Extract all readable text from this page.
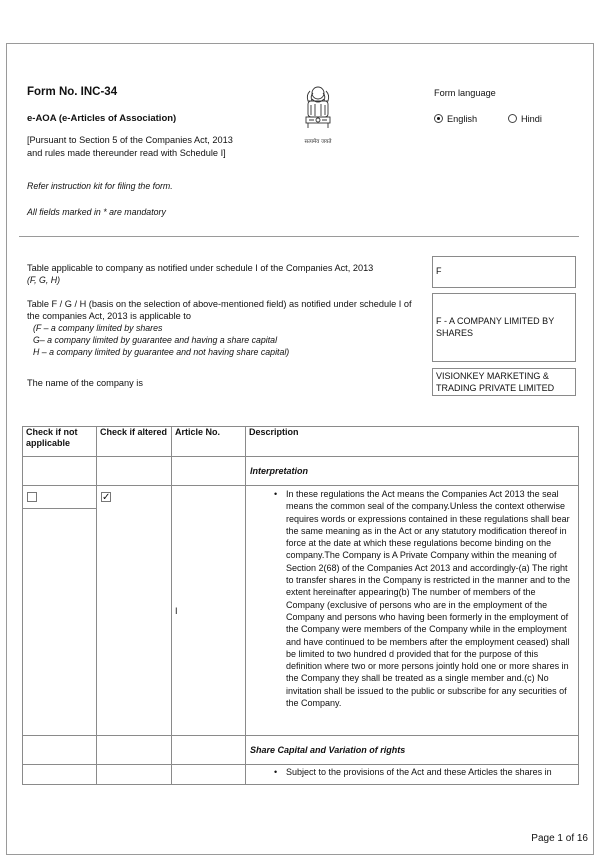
Form No. INC-34
e-AOA (e-Articles of Association)
[Pursuant to Section 5 of the Companies Act, 2013
and rules made thereunder read with Schedule I]
सत्यमेव जयते
Form language
English	Hindi
Refer instruction kit for filing the form.
All fields marked in * are mandatory
Table applicable to company as notified under schedule I of the Companies Act, 2013
(F, G, H)
F
Table F / G / H (basis on the selection of above-mentioned field) as notified under schedule I of
the companies Act, 2013 is applicable to
(F – a company limited by shares
G– a company limited by guarantee and having a share capital
H – a company limited by guarantee and not having share capital)
F - A COMPANY LIMITED BY SHARES
The name of the company is
VISIONKEY MARKETING & TRADING PRIVATE LIMITED
Check if not applicable	Check if altered	Article No.	Description
			Interpretation

	✓	I	• In these regulations the Act means the Companies Act 2013 the seal means the common seal of the company.Unless the context otherwise requires words or expressions contained in these regulations shall bear the same meaning as in the Act or any statutory modification thereof in force at the date at which these regulations become binding on the company.The Company is A Private Company within the meaning of Section 2(68) of the Companies Act 2013 and accordingly-(a) The right to transfer shares in the Company is restricted in the manner and to the extent hereinafter appearing(b) The number of members of the Company (exclusive of persons who are in the employment of the Company and persons who having been formerly in the employment of the Company were members of the Company while in the employment and have continued to be members after the employment ceased) shall be limited to two hundred d provided that for the purpose of this definition where two or more persons jointly hold one or more shares in the Company they shall be treated as a single member and.(c) No invitation shall be issued to the public or subscribe for any securities of the Company.
			Share Capital and Variation of rights

			• Subject to the provisions of the Act and these Articles the shares in
Page 1 of 16
